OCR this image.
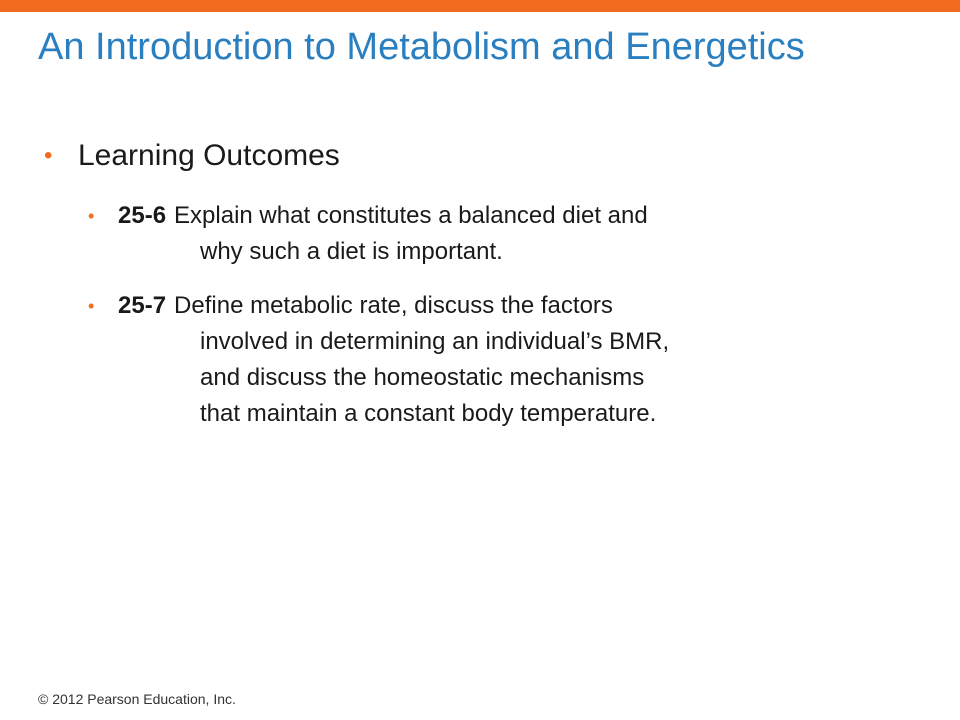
An Introduction to Metabolism and Energetics
• Learning Outcomes
• 25-6 Explain what constitutes a balanced diet and
why such a diet is important.
• 25-7 Define metabolic rate, discuss the factors
involved in determining an individual’s BMR,
and discuss the homeostatic mechanisms
that maintain a constant body temperature.
© 2012 Pearson Education, Inc.
